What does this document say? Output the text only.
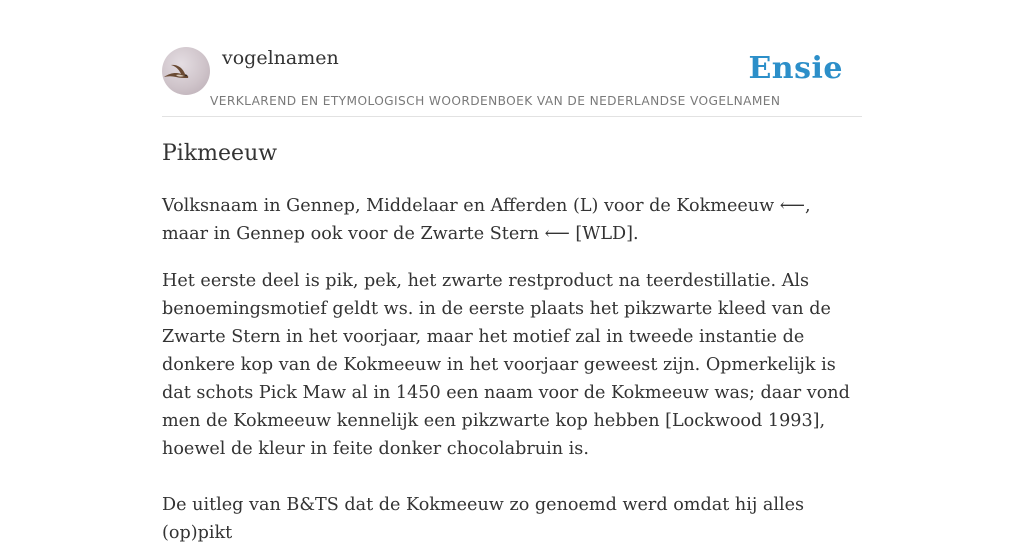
vogelnamen	Ensie
VERKLAREND EN ETYMOLOGISCH WOORDENBOEK VAN DE NEDERLANDSE VOGELNAMEN
Pikmeeuw

Volksnaam in Gennep, Middelaar en Afferden (L) voor de Kokmeeuw ⟵, maar in Gennep ook voor de Zwarte Stern ⟵ [WLD].

Het eerste deel is pik, pek, het zwarte restproduct na teerdestillatie. Als benoemingsmotief geldt ws. in de eerste plaats het pikzwarte kleed van de Zwarte Stern in het voorjaar, maar het motief zal in tweede instantie de donkere kop van de Kokmeeuw in het voorjaar geweest zijn. Opmerkelijk is dat schots Pick Maw al in 1450 een naam voor de Kokmeeuw was; daar vond men de Kokmeeuw kennelijk een pikzwarte kop hebben [Lockwood 1993], hoewel de kleur in feite donker chocolabruin is.

De uitleg van B&TS dat de Kokmeeuw zo genoemd werd omdat hij alles (op)pikt
